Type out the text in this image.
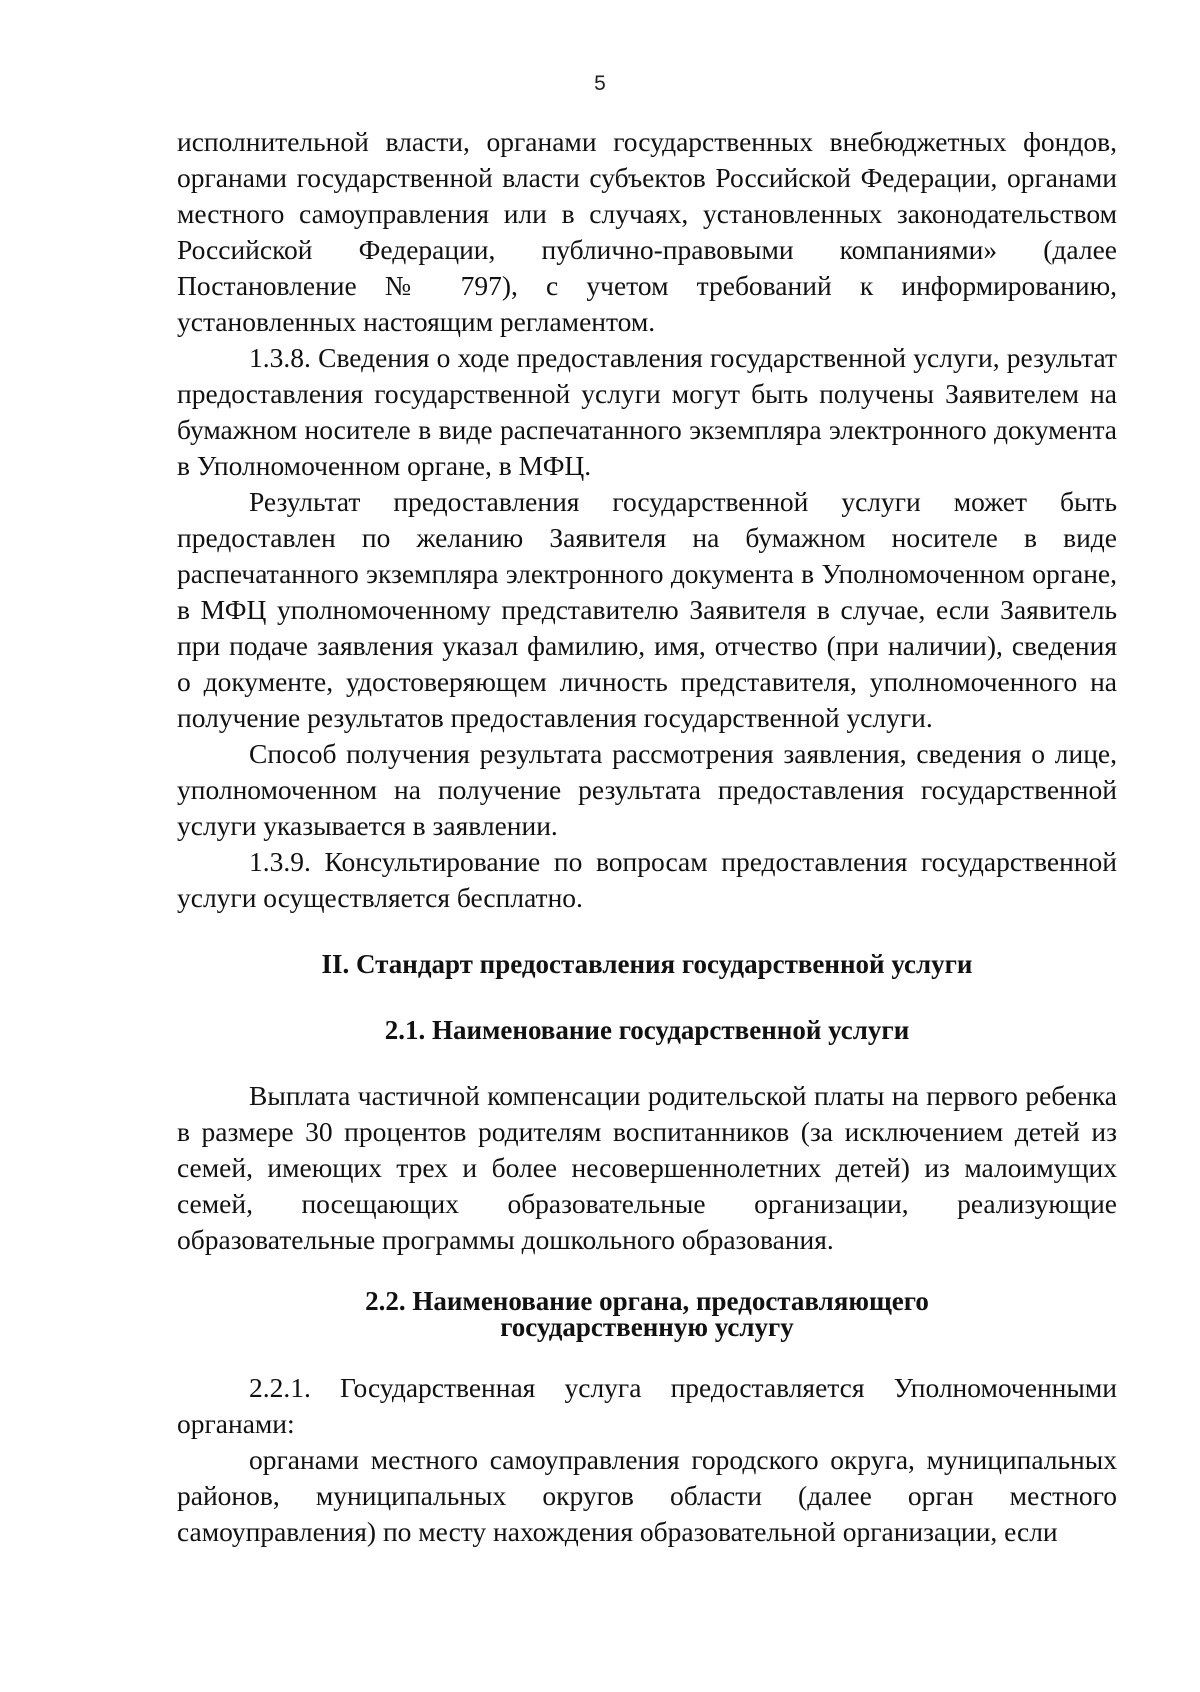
5

исполнительной власти, органами государственных внебюджетных фондов, органами государственной власти субъектов Российской Федерации, органами местного самоуправления или в случаях, установленных законодательством Российской Федерации, публично-правовыми компаниями» (далее Постановление № 797), с учетом требований к информированию, установленных настоящим регламентом.

1.3.8. Сведения о ходе предоставления государственной услуги, результат предоставления государственной услуги могут быть получены Заявителем на бумажном носителе в виде распечатанного экземпляра электронного документа в Уполномоченном органе, в МФЦ.

Результат предоставления государственной услуги может быть предоставлен по желанию Заявителя на бумажном носителе в виде распечатанного экземпляра электронного документа в Уполномоченном органе, в МФЦ уполномоченному представителю Заявителя в случае, если Заявитель при подаче заявления указал фамилию, имя, отчество (при наличии), сведения о документе, удостоверяющем личность представителя, уполномоченного на получение результатов предоставления государственной услуги.

Способ получения результата рассмотрения заявления, сведения о лице, уполномоченном на получение результата предоставления государственной услуги указывается в заявлении.

1.3.9. Консультирование по вопросам предоставления государственной услуги осуществляется бесплатно.

II. Стандарт предоставления государственной услуги
2.1. Наименование государственной услуги

Выплата частичной компенсации родительской платы на первого ребенка в размере 30 процентов родителям воспитанников (за исключением детей из семей, имеющих трех и более несовершеннолетних детей) из малоимущих семей, посещающих образовательные организации, реализующие образовательные программы дошкольного образования.

2.2. Наименование органа, предоставляющего
государственную услугу

2.2.1. Государственная услуга предоставляется Уполномоченными органами:

органами местного самоуправления городского округа, муниципальных районов, муниципальных округов области (далее орган местного самоуправления) по месту нахождения образовательной организации, если
